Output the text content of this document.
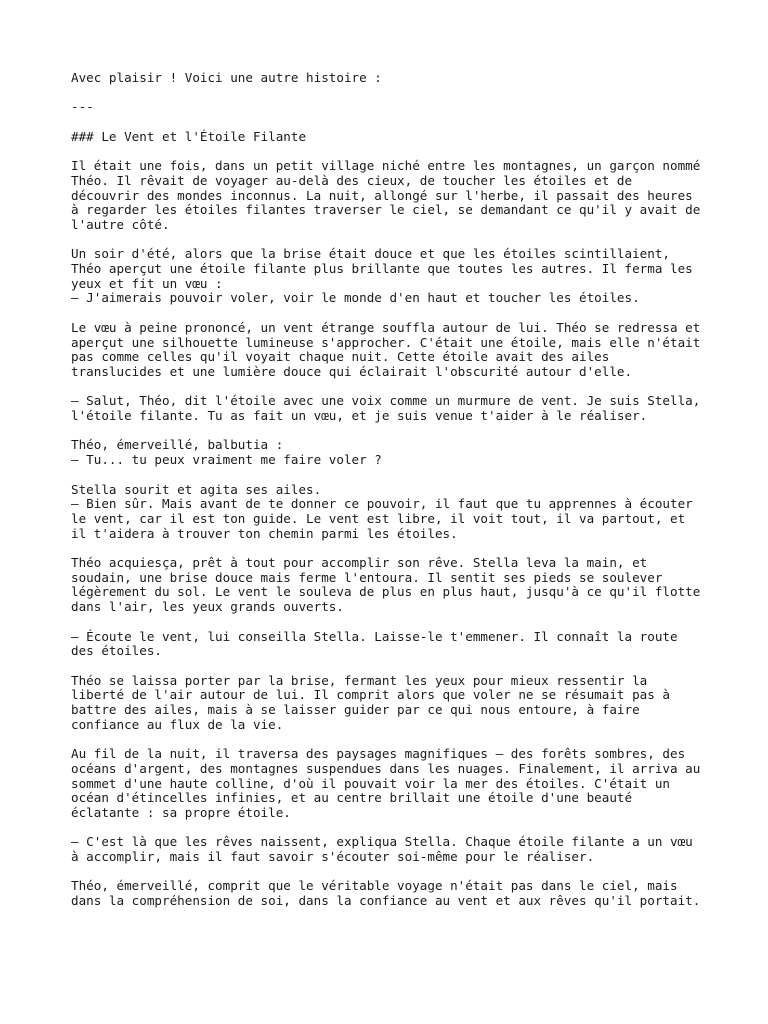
Avec plaisir ! Voici une autre histoire :
---
### Le Vent et l'Étoile Filante
Il était une fois, dans un petit village niché entre les montagnes, un garçon nommé
Théo. Il rêvait de voyager au-delà des cieux, de toucher les étoiles et de
découvrir des mondes inconnus. La nuit, allongé sur l'herbe, il passait des heures
à regarder les étoiles filantes traverser le ciel, se demandant ce qu'il y avait de
l'autre côté.
Un soir d'été, alors que la brise était douce et que les étoiles scintillaient,
Théo aperçut une étoile filante plus brillante que toutes les autres. Il ferma les
yeux et fit un vœu :
– J'aimerais pouvoir voler, voir le monde d'en haut et toucher les étoiles.
Le vœu à peine prononcé, un vent étrange souffla autour de lui. Théo se redressa et
aperçut une silhouette lumineuse s'approcher. C'était une étoile, mais elle n'était
pas comme celles qu'il voyait chaque nuit. Cette étoile avait des ailes
translucides et une lumière douce qui éclairait l'obscurité autour d'elle.
– Salut, Théo, dit l'étoile avec une voix comme un murmure de vent. Je suis Stella,
l'étoile filante. Tu as fait un vœu, et je suis venue t'aider à le réaliser.
Théo, émerveillé, balbutia :
– Tu... tu peux vraiment me faire voler ?
Stella sourit et agita ses ailes.
– Bien sûr. Mais avant de te donner ce pouvoir, il faut que tu apprennes à écouter
le vent, car il est ton guide. Le vent est libre, il voit tout, il va partout, et
il t'aidera à trouver ton chemin parmi les étoiles.
Théo acquiesça, prêt à tout pour accomplir son rêve. Stella leva la main, et
soudain, une brise douce mais ferme l'entoura. Il sentit ses pieds se soulever
légèrement du sol. Le vent le souleva de plus en plus haut, jusqu'à ce qu'il flotte
dans l'air, les yeux grands ouverts.
– Écoute le vent, lui conseilla Stella. Laisse-le t'emmener. Il connaît la route
des étoiles.
Théo se laissa porter par la brise, fermant les yeux pour mieux ressentir la
liberté de l'air autour de lui. Il comprit alors que voler ne se résumait pas à
battre des ailes, mais à se laisser guider par ce qui nous entoure, à faire
confiance au flux de la vie.
Au fil de la nuit, il traversa des paysages magnifiques – des forêts sombres, des
océans d'argent, des montagnes suspendues dans les nuages. Finalement, il arriva au
sommet d'une haute colline, d'où il pouvait voir la mer des étoiles. C'était un
océan d'étincelles infinies, et au centre brillait une étoile d'une beauté
éclatante : sa propre étoile.
– C'est là que les rêves naissent, expliqua Stella. Chaque étoile filante a un vœu
à accomplir, mais il faut savoir s'écouter soi-même pour le réaliser.
Théo, émerveillé, comprit que le véritable voyage n'était pas dans le ciel, mais
dans la compréhension de soi, dans la confiance au vent et aux rêves qu'il portait.
